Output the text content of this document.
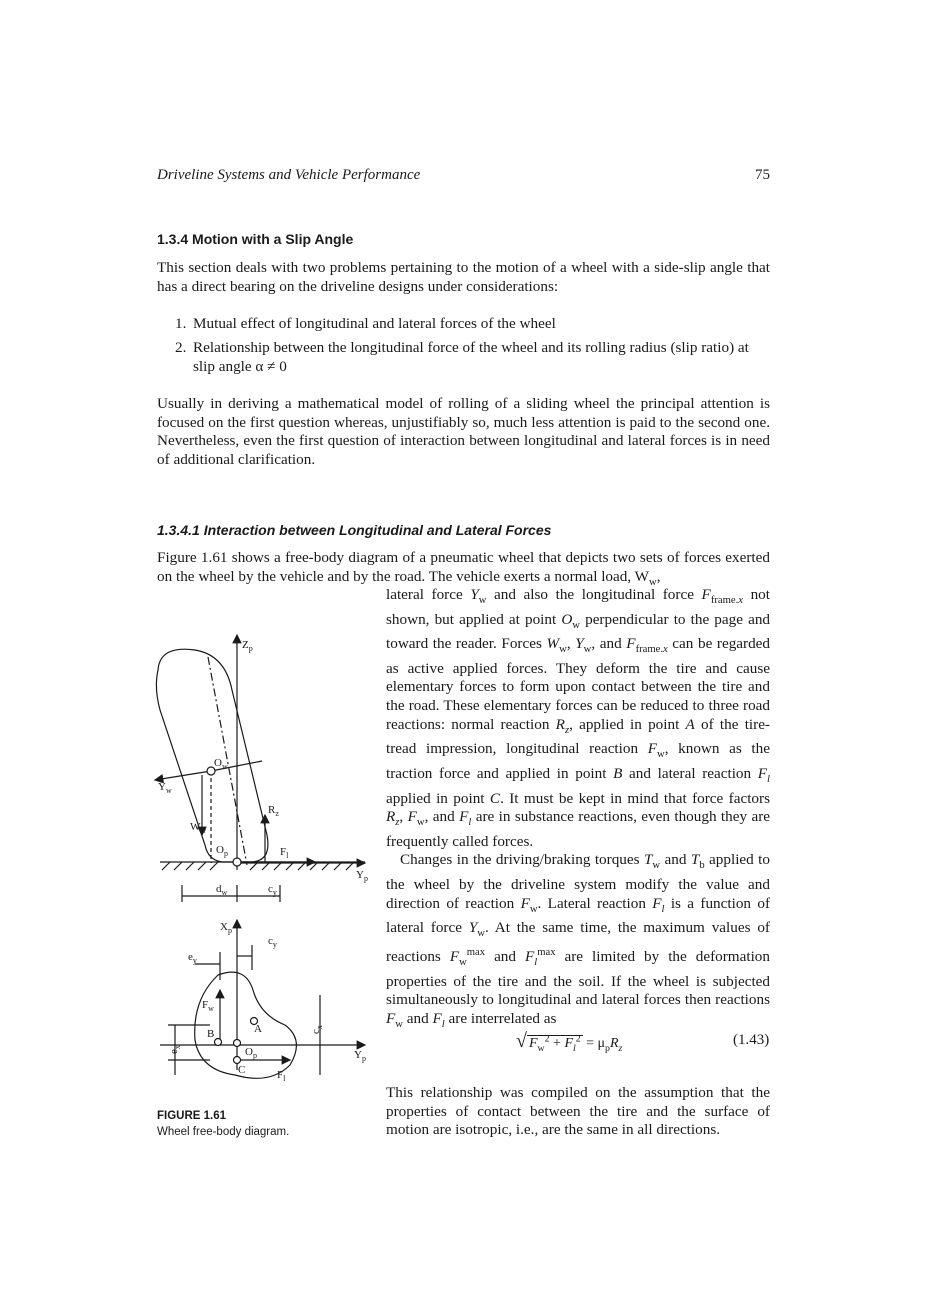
Driveline Systems and Vehicle Performance	75
1.3.4 Motion with a Slip Angle
This section deals with two problems pertaining to the motion of a wheel with a side-slip angle that has a direct bearing on the driveline designs under considerations:
1. Mutual effect of longitudinal and lateral forces of the wheel
2. Relationship between the longitudinal force of the wheel and its rolling radius (slip ratio) at slip angle α ≠ 0
Usually in deriving a mathematical model of rolling of a sliding wheel the principal attention is focused on the first question whereas, unjustifiably so, much less attention is paid to the second one. Nevertheless, even the first question of interaction between longitudinal and lateral forces is in need of additional clarification.
1.3.4.1 Interaction between Longitudinal and Lateral Forces
Figure 1.61 shows a free-body diagram of a pneumatic wheel that depicts two sets of forces exerted on the wheel by the vehicle and by the road. The vehicle exerts a normal load, $W_w$,

lateral force $Y_w$ and also the longitudinal force $F_{frame.x}$ not shown, but applied at point $O_w$ perpendicular to the page and toward the reader. Forces $W_w$, $Y_w$, and $F_{frame.x}$ can be regarded as active applied forces. They deform the tire and cause elementary forces to form upon contact between the tire and the road. These elementary forces can be reduced to three road reactions: normal reaction $R_z$, applied in point A of the tire-tread impression, longitudinal reaction $F_w$, known as the traction force and applied in point B and lateral reaction $F_l$ applied in point C. It must be kept in mind that force factors $R_z$, $F_w$, and $F_l$ are in substance reactions, even though they are frequently called forces.

Changes in the driving/braking torques $T_w$ and $T_b$ applied to the wheel by the driveline system modify the value and direction of reaction $F_w$. Lateral reaction $F_l$ is a function of lateral force $Y_w$. At the same time, the maximum values of reactions $F_w^{max}$ and $F_l^{max}$ are limited by the deformation properties of the tire and the soil. If the wheel is subjected simultaneously to longitudinal and lateral forces then reactions $F_w$ and $F_l$ are interrelated as

√ $F_w^2 + F_l^2 = \mu_pR_z$
(1.43)
This relationship was compiled on the assumption that the properties of contact between the tire and the surface of motion are isotropic, i.e., are the same in all directions.
FIGURE 1.61
Wheel free-body diagram.
$Z_p$
$O_w$
$Y_w$
$W_w$
$R_z$
$O_p$	$F_l$
$Y_p$
$d_w$	$c_y$
$X_p$
$c_y$
$e_y$
$F_w$
A
B
$O_p$
C	$F_l$
$Y_p$
$c_x$
$e_x$
